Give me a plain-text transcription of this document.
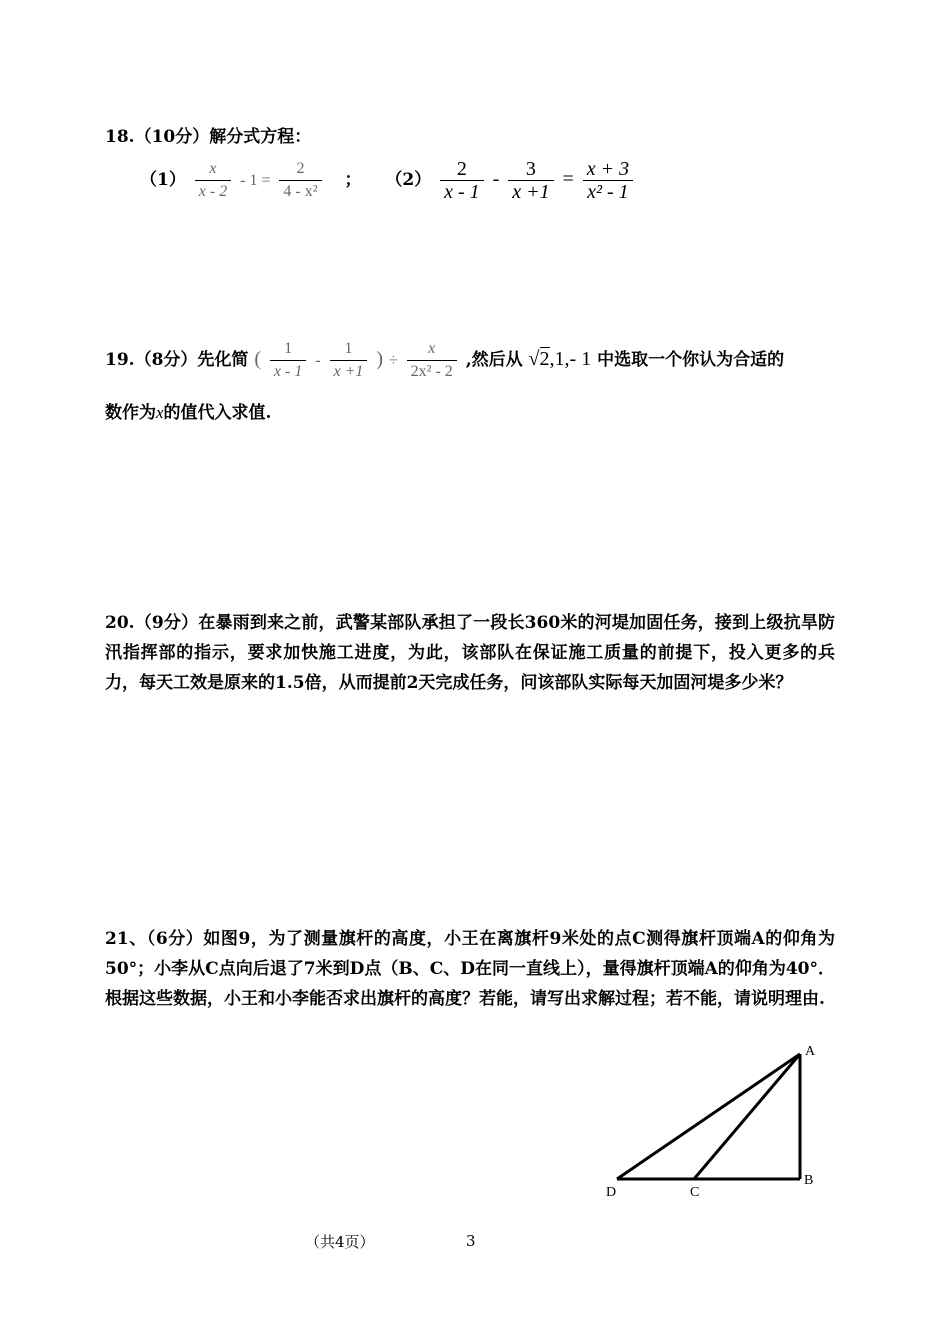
18.（10分）解分式方程：
$(1) \frac{x}{x - 2} - 1 = \frac{2}{\text{4 - x²}}$ ； $(2) \frac{2}{x - 1} - \frac{3}{x +1} = \frac{x + 3}{\text{x² - 1}}$
19.（8分）先化简 ( $\frac{1}{x - 1} - \frac{1}{x +1}$ ) ÷ $\frac{x}{\text{2x² - 2}}$ ,然后从 √2,1,- 1 中选取一个你认为合适的
数作为x的值代入求值.
20.（9分）在暴雨到来之前，武警某部队承担了一段长360米的河堤加固任务，接到上级抗旱防汛指挥部的指示，要求加快施工进度，为此，该部队在保证施工质量的前提下，投入更多的兵力，每天工效是原来的1.5倍，从而提前2天完成任务，问该部队实际每天加固河堤多少米？
21、（6分）如图9，为了测量旗杆的高度，小王在离旗杆9米处的点C测得旗杆顶端A的仰角为50°；小李从C点向后退了7米到D点（B、C、D在同一直线上），量得旗杆顶端A的仰角为40°．根据这些数据，小王和小李能否求出旗杆的高度？若能，请写出求解过程；若不能，请说明理由.
A
B
C
D
（共4页）	3
